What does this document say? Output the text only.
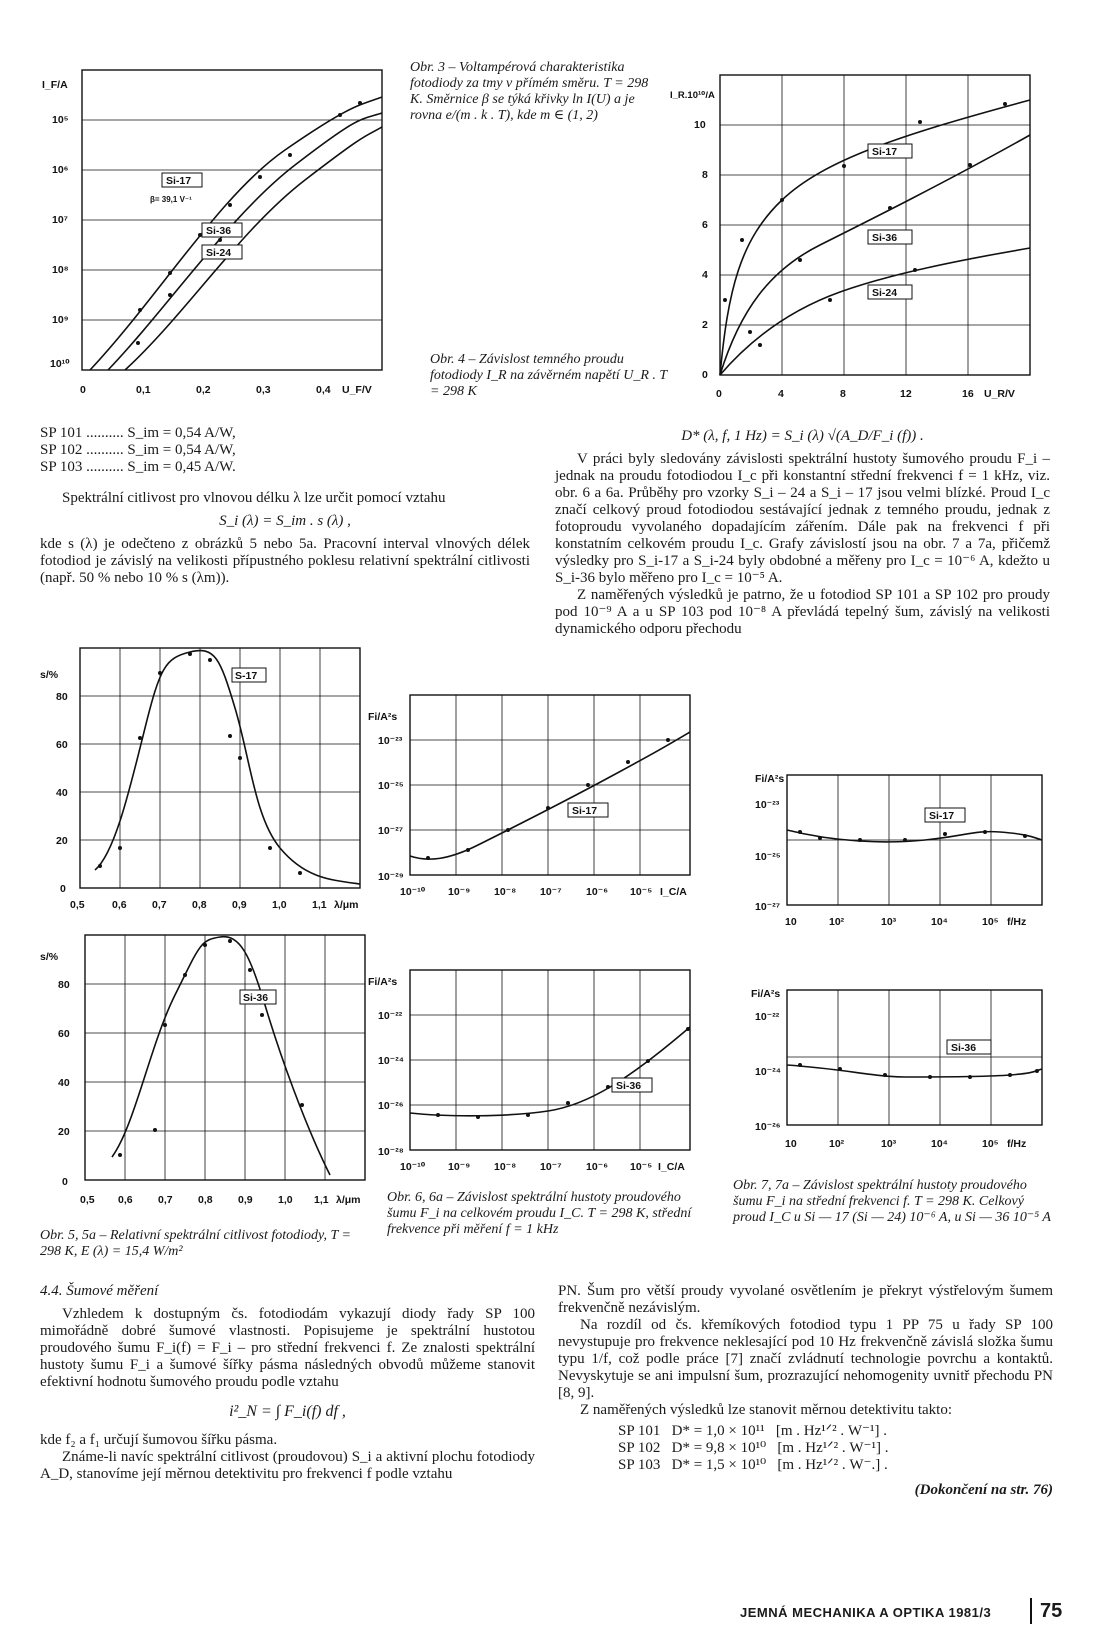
I_F/A
10⁵
10⁶
10⁷
10⁸
10⁹
10¹⁰
0	0,1	0,2	0,3	0,4 U_F/V
Si-17
β= 39,1 V⁻¹
Si-36
Si-24
Obr. 3 – Voltampérová charakteristika fotodiody za tmy v přímém směru. T = 298 K. Směrnice β se týká křivky ln I(U) a je rovna e/(m . k . T), kde m ∈ (1, 2)
I_R.10¹⁰/A
0
2
4
6
8
10
0	4	8	12	16 U_R/V
Si-17
Si-36
Si-24
Obr. 4 – Závislost temného proudu fotodiody I_R na závěrném napětí U_R . T = 298 K
SP 101 .......... S_im = 0,54 A/W,
SP 102 .......... S_im = 0,54 A/W,
SP 103 .......... S_im = 0,45 A/W.

Spektrální citlivost pro vlnovou délku λ lze určit pomocí vztahu

S_i (λ) = S_im . s (λ) ,

kde s (λ) je odečteno z obrázků 5 nebo 5a. Pracovní interval vlnových délek fotodiod je závislý na velikosti přípustného poklesu relativní spektrální citlivosti (např. 50 % nebo 10 % s (λm)).

D* (λ, f, 1 Hz) = S_i (λ) √(A_D/F_i (f)) .

V práci byly sledovány závislosti spektrální hustoty šumového proudu F_i – jednak na proudu fotodiodou I_c při konstantní střední frekvenci f = 1 kHz, viz. obr. 6 a 6a. Průběhy pro vzorky S_i – 24 a S_i – 17 jsou velmi blízké. Proud I_c značí celkový proud fotodiodou sestávající jednak z temného proudu, jednak z fotoproudu vyvolaného dopadajícím zářením. Dále pak na frekvenci f při konstatním celkovém proudu I_c. Grafy závislostí jsou na obr. 7 a 7a, přičemž výsledky pro S_i-17 a S_i-24 byly obdobné a měřeny pro I_c = 10⁻⁶ A, kdežto u S_i-36 bylo měřeno pro I_c = 10⁻⁵ A.

Z naměřených výsledků je patrno, že u fotodiod SP 101 a SP 102 pro proudy pod 10⁻⁹ A a u SP 103 pod 10⁻⁸ A převládá tepelný šum, závislý na velikosti dynamického odporu přechodu

s/%
0
20
40
60
80
0,5	0,6 0,7 0,8 0,9 1,0 1,1 λ/μm
S-17
s/%
0
20
40
60
80
0,5 0,6 0,7 0,8 0,9 1,0 1,1 λ/μm
Si-36
Obr. 5, 5a – Relativní spektrální citlivost fotodiody, T = 298 K, E (λ) = 15,4 W/m²
Fi/A²s
10⁻²³
10⁻²⁵
10⁻²⁷
10⁻²⁹
10⁻¹⁰ 10⁻⁹ 10⁻⁸ 10⁻⁷ 10⁻⁶ 10⁻⁵ I_C/A
Si-17
Fi/A²s
10⁻²²
10⁻²⁴
10⁻²⁶
10⁻²⁸
10⁻¹⁰ 10⁻⁹ 10⁻⁸ 10⁻⁷ 10⁻⁶ 10⁻⁵ I_C/A
Si-36
Obr. 6, 6a – Závislost spektrální hustoty proudového šumu F_i na celkovém proudu I_C. T = 298 K, střední frekvence při měření f = 1 kHz
Fi/A²s
10⁻²³
10⁻²⁵
10⁻²⁷
10	10²	10³	10⁴	10⁵ f/Hz
Si-17
Fi/A²s
10⁻²²
10⁻²⁴
10⁻²⁶
10	10²	10³	10⁴	10⁵ f/Hz
Si-36
Obr. 7, 7a – Závislost spektrální hustoty proudového šumu F_i na střední frekvenci f. T = 298 K. Celkový proud I_C u Si — 17 (Si — 24) 10⁻⁶ A, u Si — 36 10⁻⁵ A

4.4. Šumové měření

Vzhledem k dostupným čs. fotodiodám vykazují diody řady SP 100 mimořádně dobré šumové vlastnosti. Popisujeme je spektrální hustotou proudového šumu F_i(f) = F_i – pro střední frekvenci f. Ze znalosti spektrální hustoty šumu F_i a šumové šířky pásma následných obvodů můžeme stanovit efektivní hodnotu šumového proudu podle vztahu

i²_N = ∫ F_i(f) df ,

kde f₂ a f₁ určují šumovou šířku pásma.

Známe-li navíc spektrální citlivost (proudovou) S_i a aktivní plochu fotodiody A_D, stanovíme její měrnou detektivitu pro frekvenci f podle vztahu

PN. Šum pro větší proudy vyvolané osvětlením je překryt výstřelovým šumem frekvenčně nezávislým.

Na rozdíl od čs. křemíkových fotodiod typu 1 PP 75 u řady SP 100 nevystupuje pro frekvence neklesající pod 10 Hz frekvenčně závislá složka šumu typu 1/f, což podle práce [7] značí zvládnutí technologie povrchu a kontaktů. Nevyskytuje se ani impulsní šum, prozrazující nehomogenity uvnitř přechodu PN [8, 9].

Z naměřených výsledků lze stanovit měrnou detektivitu takto:

SP 101   D* = 1,0 × 10¹¹   [m . Hz¹ᐟ² . W⁻¹] .
SP 102   D* = 9,8 × 10¹⁰   [m . Hz¹ᐟ² . W⁻¹] .
SP 103   D* = 1,5 × 10¹⁰   [m . Hz¹ᐟ² . W⁻.] .

(Dokončení na str. 76)

JEMNÁ MECHANIKA A OPTIKA 1981/3 75
